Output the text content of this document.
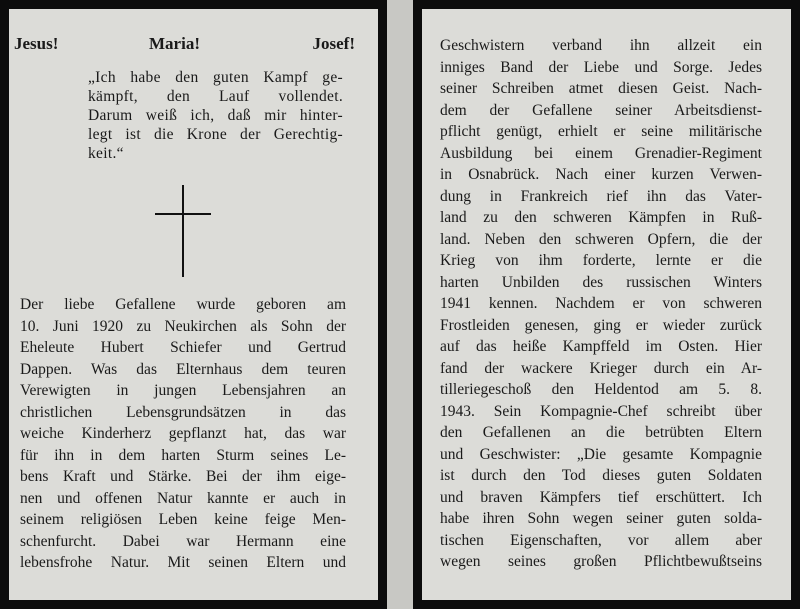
Jesus!	Maria!	Josef!
„Ich habe den guten Kampf ge-
kämpft, den Lauf vollendet.
Darum weiß ich, daß mir hinter-
legt ist die Krone der Gerechtig-
keit.“
Der liebe Gefallene wurde geboren am
10. Juni 1920 zu Neukirchen als Sohn der
Eheleute Hubert Schiefer und Gertrud
Dappen. Was das Elternhaus dem teuren
Verewigten in jungen Lebensjahren an
christlichen Lebensgrundsätzen in das
weiche Kinderherz gepflanzt hat, das war
für ihn in dem harten Sturm seines Le-
bens Kraft und Stärke. Bei der ihm eige-
nen und offenen Natur kannte er auch in
seinem religiösen Leben keine feige Men-
schenfurcht. Dabei war Hermann eine
lebensfrohe Natur. Mit seinen Eltern und
Geschwistern verband ihn allzeit ein
inniges Band der Liebe und Sorge. Jedes
seiner Schreiben atmet diesen Geist. Nach-
dem der Gefallene seiner Arbeitsdienst-
pflicht genügt, erhielt er seine militärische
Ausbildung bei einem Grenadier-Regiment
in Osnabrück. Nach einer kurzen Verwen-
dung in Frankreich rief ihn das Vater-
land zu den schweren Kämpfen in Ruß-
land. Neben den schweren Opfern, die der
Krieg von ihm forderte, lernte er die
harten Unbilden des russischen Winters
1941 kennen. Nachdem er von schweren
Frostleiden genesen, ging er wieder zurück
auf das heiße Kampffeld im Osten. Hier
fand der wackere Krieger durch ein Ar-
tilleriegeschoß den Heldentod am 5. 8.
1943. Sein Kompagnie-Chef schreibt über
den Gefallenen an die betrübten Eltern
und Geschwister: „Die gesamte Kompagnie
ist durch den Tod dieses guten Soldaten
und braven Kämpfers tief erschüttert. Ich
habe ihren Sohn wegen seiner guten solda-
tischen Eigenschaften, vor allem aber
wegen seines großen Pflichtbewußtseins
